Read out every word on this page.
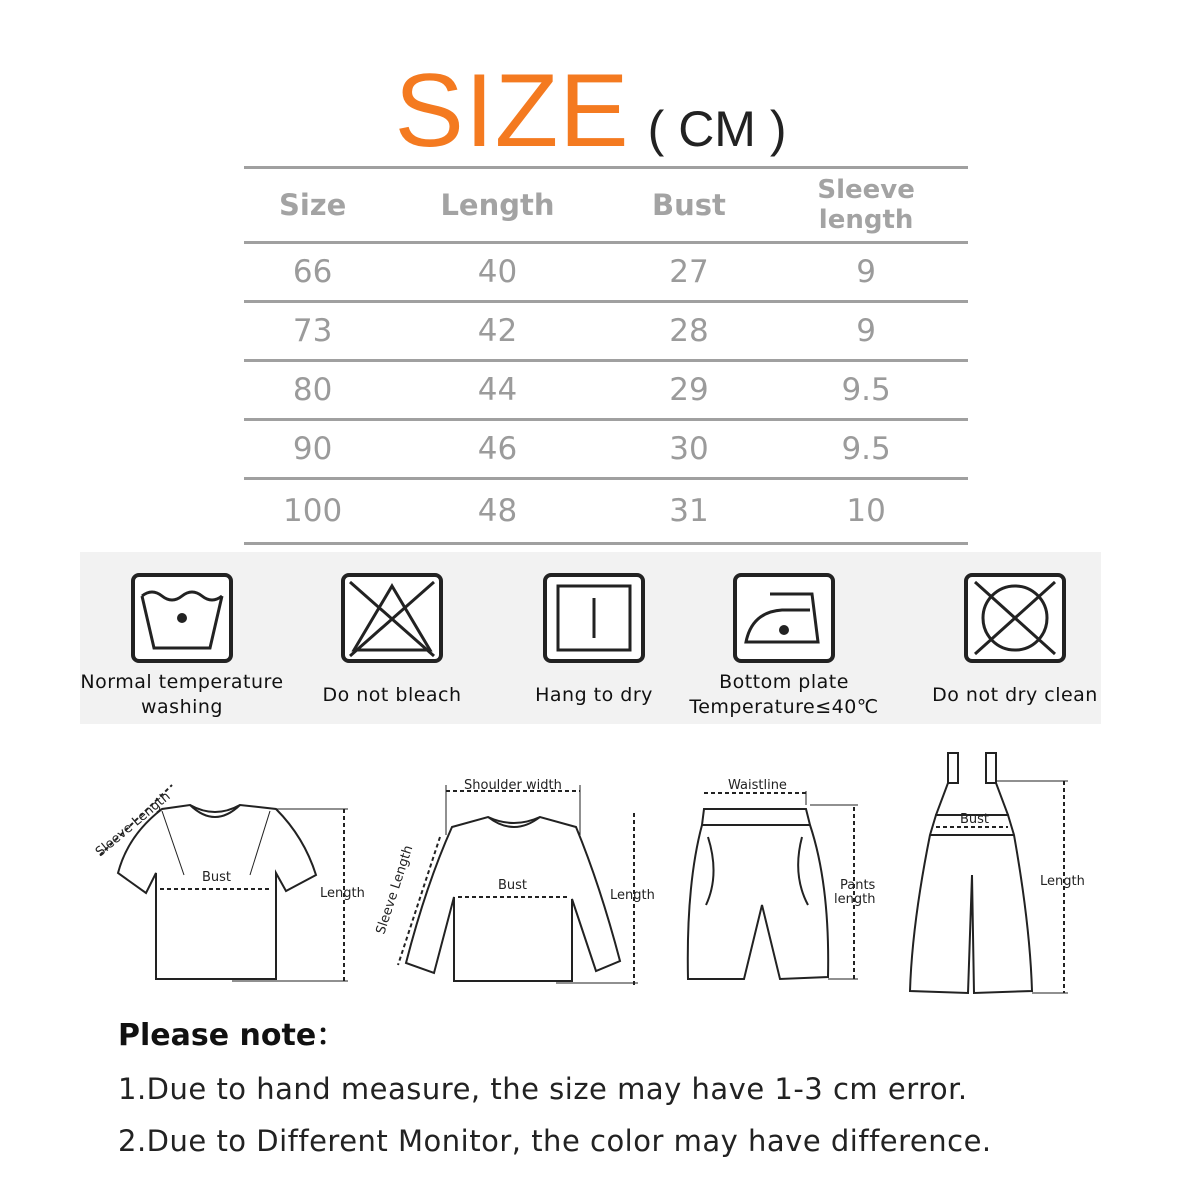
SIZE ( CM )
Size	Length	Bust	Sleeve length

66	40	27	9
73	42	28	9
80	44	29	9.5
90	46	30	9.5
100	48	31	10
Normal temperature
washing
Do not bleach	Hang to dry
Bottom plate
Temperature≤40℃
Do not dry clean
Sleeve Length
Bust
Length
Shoulder width
Sleeve Length	Bust
Length
Waistline
Pants
length
Bust
Length
Please note：
1.Due to hand measure, the size may have 1-3 cm error.
2.Due to Different Monitor, the color may have difference.
